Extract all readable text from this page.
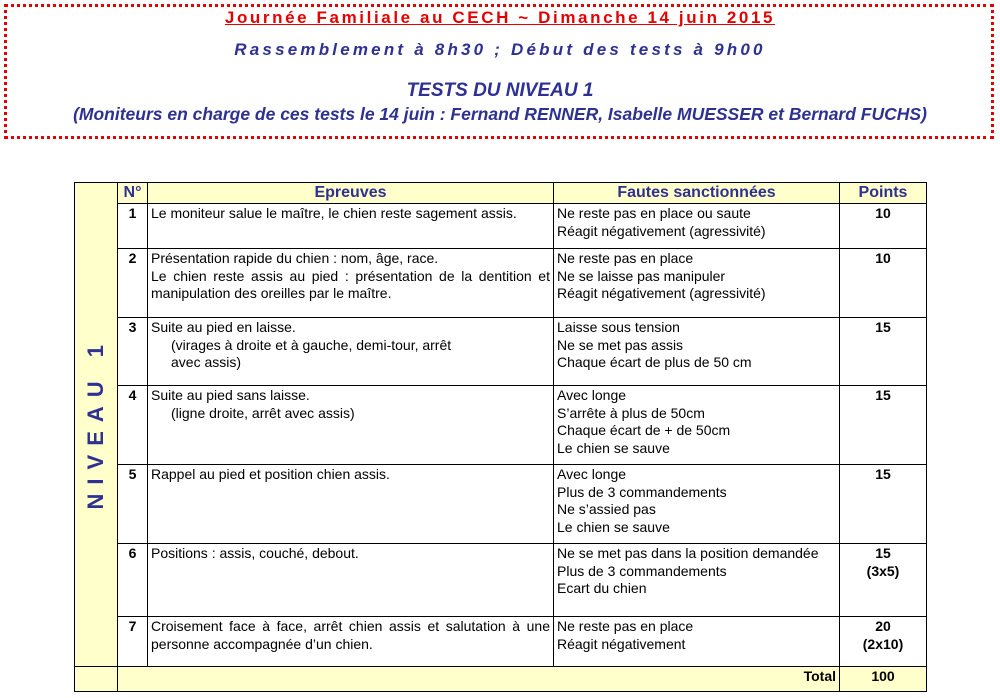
Journée Familiale au CECH ~ Dimanche 14 juin 2015
Rassemblement à 8h30 ; Début des tests à 9h00
TESTS DU NIVEAU 1
(Moniteurs en charge de ces tests le 14 juin : Fernand RENNER, Isabelle MUESSER et Bernard FUCHS)
NIVEAU 1	N°	Epreuves	Fautes sanctionnées	Points
	1	Le moniteur salue le maître, le chien reste sagement assis.	Ne reste pas en place ou saute
Réagit négativement (agressivité)	10

	2	Présentation rapide du chien : nom, âge, race.
Le chien reste assis au pied : présentation de la dentition et manipulation des oreilles par le maître.	Ne reste pas en place
Ne se laisse pas manipuler
Réagit négativement (agressivité)	10

	3	Suite au pied en laisse.
(virages à droite et à gauche, demi-tour, arrêt
avec assis)	Laisse sous tension
Ne se met pas assis
Chaque écart de plus de 50 cm	15

	4	Suite au pied sans laisse.
(ligne droite, arrêt avec assis)	Avec longe
S’arrête à plus de 50cm
Chaque écart de + de 50cm
Le chien se sauve	15

	5	Rappel au pied et position chien assis.	Avec longe
Plus de 3 commandements
Ne s’assied pas
Le chien se sauve	15

	6	Positions : assis, couché, debout.	Ne se met pas dans la position demandée
Plus de 3 commandements
Ecart du chien	15
(3x5)

	7	Croisement face à face, arrêt chien assis et salutation à une personne accompagnée d’un chien.	Ne reste pas en place
Réagit négativement	20
(2x10)

	Total			100
